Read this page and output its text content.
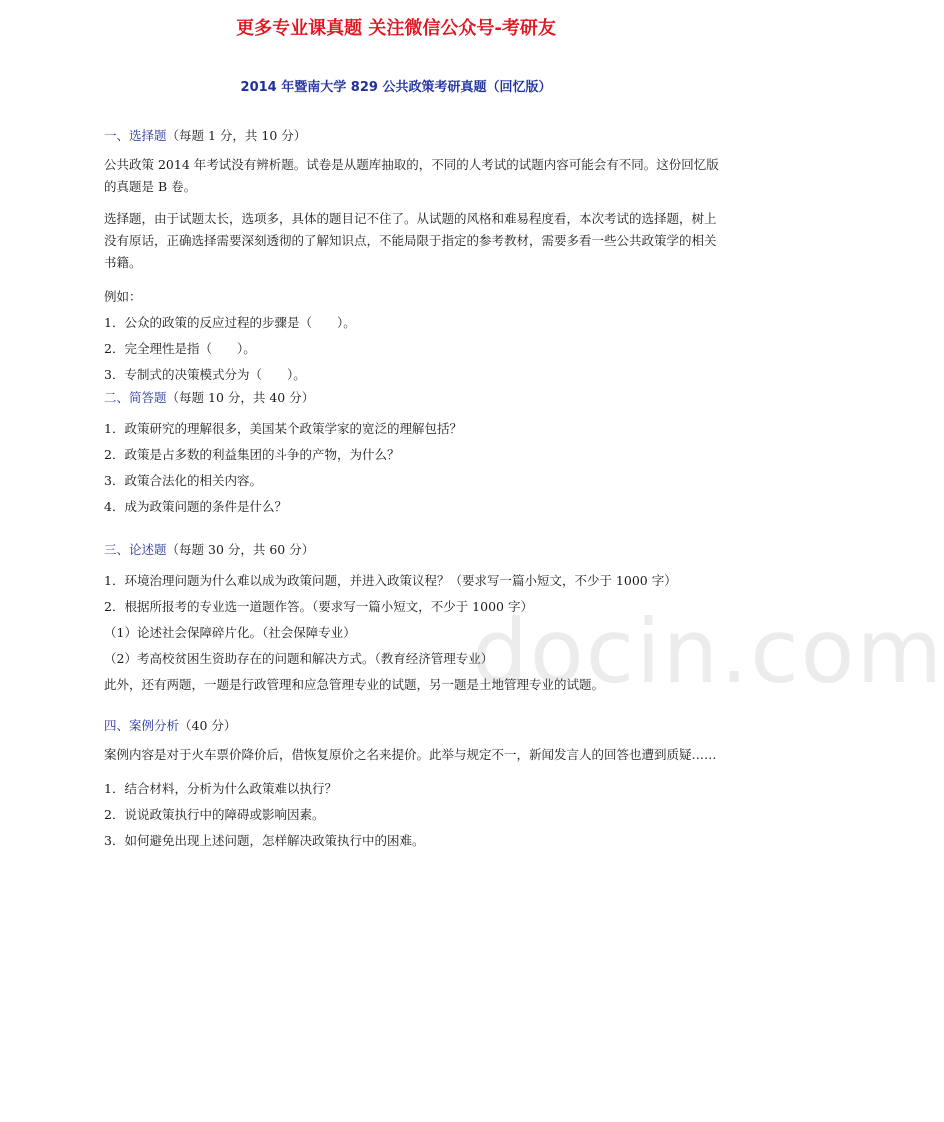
docin.com
更多专业课真题 关注微信公众号-考研友
2014 年暨南大学 829 公共政策考研真题（回忆版）
一、选择题（每题 1 分，共 10 分）

公共政策 2014 年考试没有辨析题。试卷是从题库抽取的，不同的人考试的试题内容可能会有不同。这份回忆版的真题是 B 卷。

选择题，由于试题太长，选项多，具体的题目记不住了。从试题的风格和难易程度看，本次考试的选择题，树上没有原话，正确选择需要深刻透彻的了解知识点，不能局限于指定的参考教材，需要多看一些公共政策学的相关书籍。

例如：

1．公众的政策的反应过程的步骤是（　　）。

2．完全理性是指（　　）。

3．专制式的决策模式分为（　　）。

二、简答题（每题 10 分，共 40 分）

1．政策研究的理解很多，美国某个政策学家的宽泛的理解包括？

2．政策是占多数的利益集团的斗争的产物，为什么？

3．政策合法化的相关内容。

4．成为政策问题的条件是什么？

三、论述题（每题 30 分，共 60 分）

1．环境治理问题为什么难以成为政策问题，并进入政策议程？（要求写一篇小短文，不少于 1000 字）

2．根据所报考的专业选一道题作答。（要求写一篇小短文，不少于 1000 字）

（1）论述社会保障碎片化。（社会保障专业）

（2）考高校贫困生资助存在的问题和解决方式。（教育经济管理专业）

此外，还有两题，一题是行政管理和应急管理专业的试题，另一题是土地管理专业的试题。

四、案例分析（40 分）

案例内容是对于火车票价降价后，借恢复原价之名来提价。此举与规定不一，新闻发言人的回答也遭到质疑……

1．结合材料，分析为什么政策难以执行？

2．说说政策执行中的障碍或影响因素。

3．如何避免出现上述问题，怎样解决政策执行中的困难。
